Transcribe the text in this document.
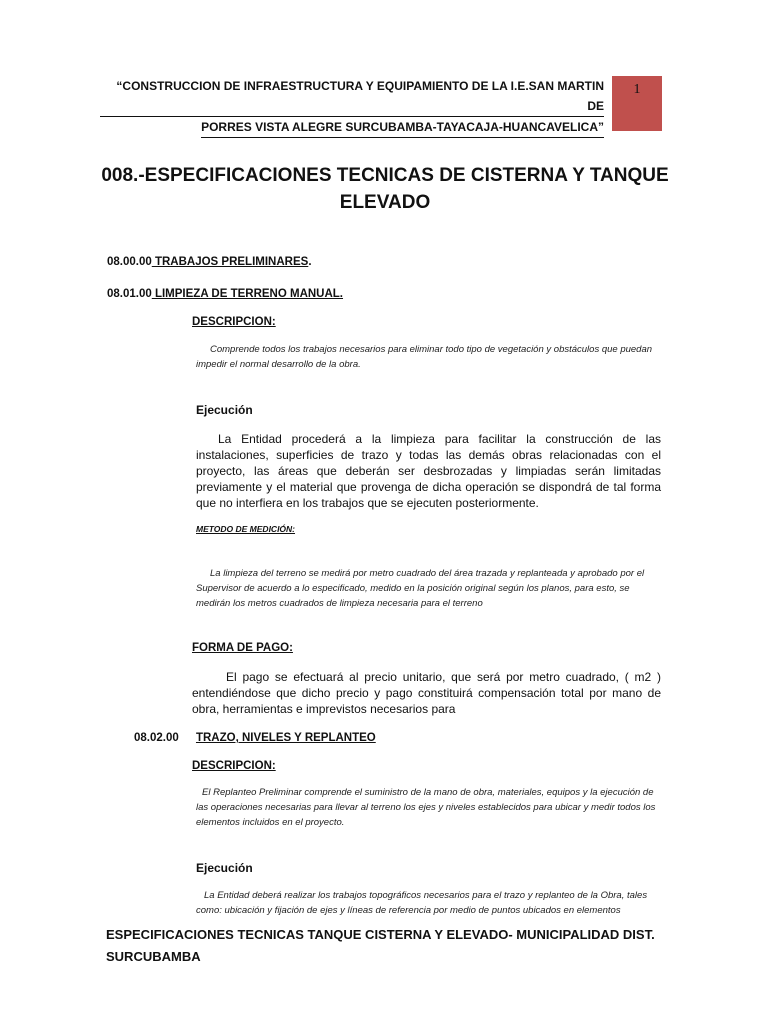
“CONSTRUCCION DE INFRAESTRUCTURA Y EQUIPAMIENTO DE LA I.E.SAN MARTIN DE
PORRES VISTA ALEGRE SURCUBAMBA-TAYACAJA-HUANCAVELICA”
1
008.-ESPECIFICACIONES TECNICAS DE CISTERNA Y TANQUE ELEVADO
08.00.00 TRABAJOS PRELIMINARES.
08.01.00 LIMPIEZA DE TERRENO MANUAL.
DESCRIPCION:
Comprende todos los trabajos necesarios para eliminar todo tipo de vegetación y obstáculos que puedan impedir el normal desarrollo de la obra.
Ejecución
La Entidad procederá a la limpieza para facilitar la construcción de las instalaciones, superficies de trazo y todas las demás obras relacionadas con el proyecto, las áreas que deberán ser desbrozadas y limpiadas serán limitadas previamente y el material que provenga de dicha operación se dispondrá de tal forma que no interfiera en los trabajos que se ejecuten posteriormente.
METODO DE MEDICIÓN:
La limpieza del terreno se medirá por metro cuadrado del área trazada y replanteada y aprobado por el Supervisor de acuerdo a lo especificado, medido en la posición original según los planos, para esto, se medirán los metros cuadrados de limpieza necesaria para el terreno
FORMA DE PAGO:
El pago se efectuará al precio unitario, que será por metro cuadrado, ( m2 ) entendiéndose que dicho precio y pago constituirá compensación total por mano de obra, herramientas e imprevistos necesarios para
08.02.00 TRAZO, NIVELES Y REPLANTEO
DESCRIPCION:
El Replanteo Preliminar comprende el suministro de la mano de obra, materiales, equipos y la ejecución de las operaciones necesarias para llevar al terreno los ejes y niveles establecidos para ubicar y medir todos los elementos incluidos en el proyecto.
Ejecución
La Entidad deberá realizar los trabajos topográficos necesarios para el trazo y replanteo de la Obra, tales como: ubicación y fijación de ejes y líneas de referencia por medio de puntos ubicados en elementos
ESPECIFICACIONES TECNICAS TANQUE CISTERNA Y ELEVADO- MUNICIPALIDAD DIST.
SURCUBAMBA
